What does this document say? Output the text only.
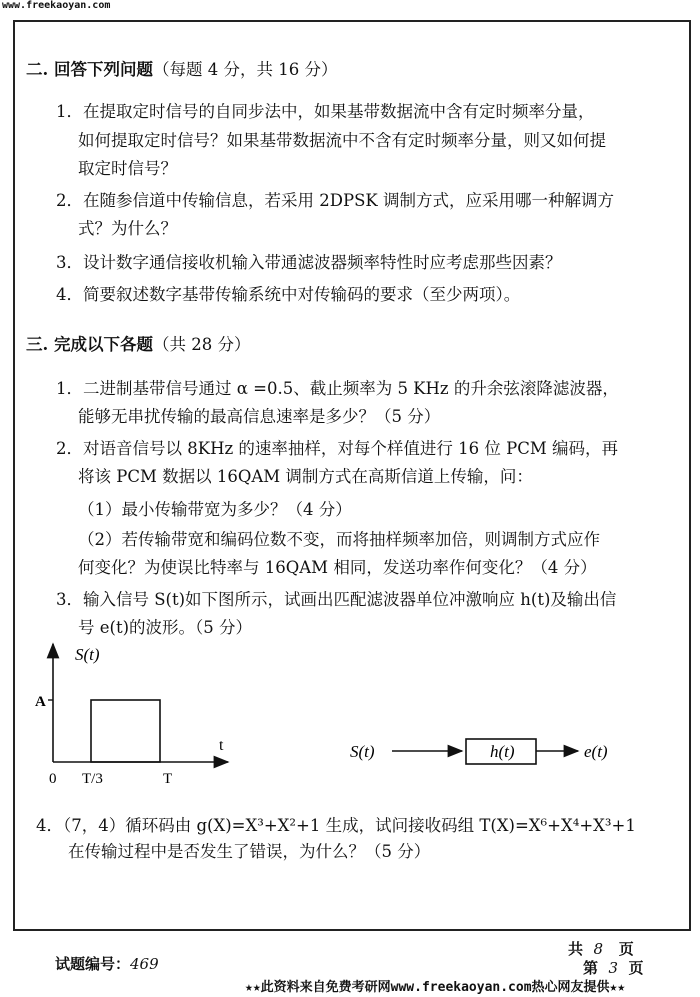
www.freekaoyan.com
二. 回答下列问题（每题 4 分，共 16 分）
1．在提取定时信号的自同步法中，如果基带数据流中含有定时频率分量，
如何提取定时信号？如果基带数据流中不含有定时频率分量，则又如何提
取定时信号？
2．在随参信道中传输信息，若采用 2DPSK 调制方式，应采用哪一种解调方
式？为什么？
3．设计数字通信接收机输入带通滤波器频率特性时应考虑那些因素？
4．简要叙述数字基带传输系统中对传输码的要求（至少两项）。
三. 完成以下各题（共 28 分）
1．二进制基带信号通过 α =0.5、截止频率为 5 KHz 的升余弦滚降滤波器，
能够无串扰传输的最高信息速率是多少？（5 分）
2．对语音信号以 8KHz 的速率抽样，对每个样值进行 16 位 PCM 编码，再
将该 PCM 数据以 16QAM 调制方式在高斯信道上传输，问：
（1）最小传输带宽为多少？（4 分）
（2）若传输带宽和编码位数不变，而将抽样频率加倍，则调制方式应作
何变化？为使误比特率与 16QAM 相同，发送功率作何变化？（4 分）
3．输入信号 S(t)如下图所示，试画出匹配滤波器单位冲激响应 h(t)及输出信
号 e(t)的波形。（5 分）
S(t)
A
t
0 T/3	T
S(t)	h(t)	e(t)
4．（7，4）循环码由 g(X)=X³+X²+1 生成，试问接收码组 T(X)=X⁶+X⁴+X³+1
在传输过程中是否发生了错误，为什么？（5 分）
试题编号：469
共 8 页
第 3 页
★★此资料来自免费考研网www.freekaoyan.com热心网友提供★★
